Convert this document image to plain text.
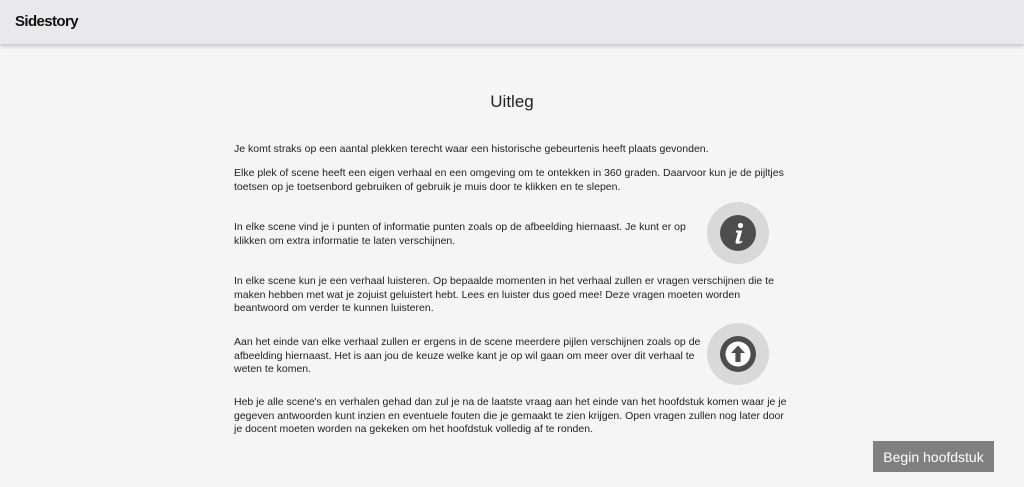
Sidestory
Uitleg

Je komt straks op een aantal plekken terecht waar een historische gebeurtenis heeft plaats gevonden.

Elke plek of scene heeft een eigen verhaal en een omgeving om te ontekken in 360 graden. Daarvoor kun je de pijltjes toetsen op je toetsenbord gebruiken of gebruik je muis door te klikken en te slepen.

In elke scene vind je i punten of informatie punten zoals op de afbeelding hiernaast. Je kunt er op klikken om extra informatie te laten verschijnen.

In elke scene kun je een verhaal luisteren. Op bepaalde momenten in het verhaal zullen er vragen verschijnen die te maken hebben met wat je zojuist geluistert hebt. Lees en luister dus goed mee! Deze vragen moeten worden beantwoord om verder te kunnen luisteren.

Aan het einde van elke verhaal zullen er ergens in de scene meerdere pijlen verschijnen zoals op de afbeelding hiernaast. Het is aan jou de keuze welke kant je op wil gaan om meer over dit verhaal te weten te komen.

Heb je alle scene's en verhalen gehad dan zul je na de laatste vraag aan het einde van het hoofdstuk komen waar je je gegeven antwoorden kunt inzien en eventuele fouten die je gemaakt te zien krijgen. Open vragen zullen nog later door je docent moeten worden na gekeken om het hoofdstuk volledig af te ronden.

Begin hoofdstuk
